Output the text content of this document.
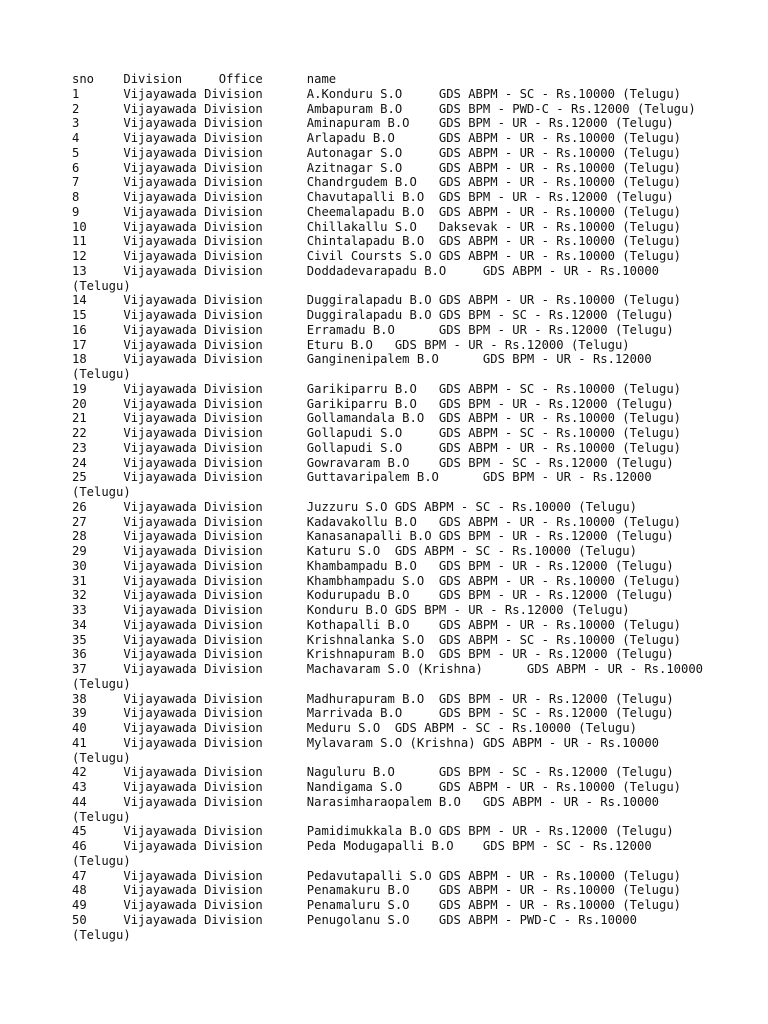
sno    Division     Office      name
1      Vijayawada Division      A.Konduru S.O     GDS ABPM - SC - Rs.10000 (Telugu)
2      Vijayawada Division      Ambapuram B.O     GDS BPM - PWD-C - Rs.12000 (Telugu)
3      Vijayawada Division      Aminapuram B.O    GDS BPM - UR - Rs.12000 (Telugu)
4      Vijayawada Division      Arlapadu B.O      GDS ABPM - UR - Rs.10000 (Telugu)
5      Vijayawada Division      Autonagar S.O     GDS ABPM - UR - Rs.10000 (Telugu)
6      Vijayawada Division      Azitnagar S.O     GDS ABPM - UR - Rs.10000 (Telugu)
7      Vijayawada Division      Chandrgudem B.O   GDS ABPM - UR - Rs.10000 (Telugu)
8      Vijayawada Division      Chavutapalli B.O  GDS BPM - UR - Rs.12000 (Telugu)
9      Vijayawada Division      Cheemalapadu B.O  GDS ABPM - UR - Rs.10000 (Telugu)
10     Vijayawada Division      Chillakallu S.O   Daksevak - UR - Rs.10000 (Telugu)
11     Vijayawada Division      Chintalapadu B.O  GDS ABPM - UR - Rs.10000 (Telugu)
12     Vijayawada Division      Civil Coursts S.O GDS ABPM - UR - Rs.10000 (Telugu)
13     Vijayawada Division      Doddadevarapadu B.O     GDS ABPM - UR - Rs.10000
(Telugu)
14     Vijayawada Division      Duggiralapadu B.O GDS ABPM - UR - Rs.10000 (Telugu)
15     Vijayawada Division      Duggiralapadu B.O GDS BPM - SC - Rs.12000 (Telugu)
16     Vijayawada Division      Erramadu B.O      GDS BPM - UR - Rs.12000 (Telugu)
17     Vijayawada Division      Eturu B.O   GDS BPM - UR - Rs.12000 (Telugu)
18     Vijayawada Division      Ganginenipalem B.O      GDS BPM - UR - Rs.12000
(Telugu)
19     Vijayawada Division      Garikiparru B.O   GDS ABPM - SC - Rs.10000 (Telugu)
20     Vijayawada Division      Garikiparru B.O   GDS BPM - UR - Rs.12000 (Telugu)
21     Vijayawada Division      Gollamandala B.O  GDS ABPM - UR - Rs.10000 (Telugu)
22     Vijayawada Division      Gollapudi S.O     GDS ABPM - SC - Rs.10000 (Telugu)
23     Vijayawada Division      Gollapudi S.O     GDS ABPM - UR - Rs.10000 (Telugu)
24     Vijayawada Division      Gowravaram B.O    GDS BPM - SC - Rs.12000 (Telugu)
25     Vijayawada Division      Guttavaripalem B.O      GDS BPM - UR - Rs.12000
(Telugu)
26     Vijayawada Division      Juzzuru S.O GDS ABPM - SC - Rs.10000 (Telugu)
27     Vijayawada Division      Kadavakollu B.O   GDS ABPM - UR - Rs.10000 (Telugu)
28     Vijayawada Division      Kanasanapalli B.O GDS BPM - UR - Rs.12000 (Telugu)
29     Vijayawada Division      Katuru S.O  GDS ABPM - SC - Rs.10000 (Telugu)
30     Vijayawada Division      Khambampadu B.O   GDS BPM - UR - Rs.12000 (Telugu)
31     Vijayawada Division      Khambhampadu S.O  GDS ABPM - UR - Rs.10000 (Telugu)
32     Vijayawada Division      Kodurupadu B.O    GDS BPM - UR - Rs.12000 (Telugu)
33     Vijayawada Division      Konduru B.O GDS BPM - UR - Rs.12000 (Telugu)
34     Vijayawada Division      Kothapalli B.O    GDS ABPM - UR - Rs.10000 (Telugu)
35     Vijayawada Division      Krishnalanka S.O  GDS ABPM - SC - Rs.10000 (Telugu)
36     Vijayawada Division      Krishnapuram B.O  GDS BPM - UR - Rs.12000 (Telugu)
37     Vijayawada Division      Machavaram S.O (Krishna)      GDS ABPM - UR - Rs.10000
(Telugu)
38     Vijayawada Division      Madhurapuram B.O  GDS BPM - UR - Rs.12000 (Telugu)
39     Vijayawada Division      Marrivada B.O     GDS BPM - SC - Rs.12000 (Telugu)
40     Vijayawada Division      Meduru S.O  GDS ABPM - SC - Rs.10000 (Telugu)
41     Vijayawada Division      Mylavaram S.O (Krishna) GDS ABPM - UR - Rs.10000
(Telugu)
42     Vijayawada Division      Naguluru B.O      GDS BPM - SC - Rs.12000 (Telugu)
43     Vijayawada Division      Nandigama S.O     GDS ABPM - UR - Rs.10000 (Telugu)
44     Vijayawada Division      Narasimharaopalem B.O   GDS ABPM - UR - Rs.10000
(Telugu)
45     Vijayawada Division      Pamidimukkala B.O GDS BPM - UR - Rs.12000 (Telugu)
46     Vijayawada Division      Peda Modugapalli B.O    GDS BPM - SC - Rs.12000
(Telugu)
47     Vijayawada Division      Pedavutapalli S.O GDS ABPM - UR - Rs.10000 (Telugu)
48     Vijayawada Division      Penamakuru B.O    GDS ABPM - UR - Rs.10000 (Telugu)
49     Vijayawada Division      Penamaluru S.O    GDS ABPM - UR - Rs.10000 (Telugu)
50     Vijayawada Division      Penugolanu S.O    GDS ABPM - PWD-C - Rs.10000
(Telugu)
